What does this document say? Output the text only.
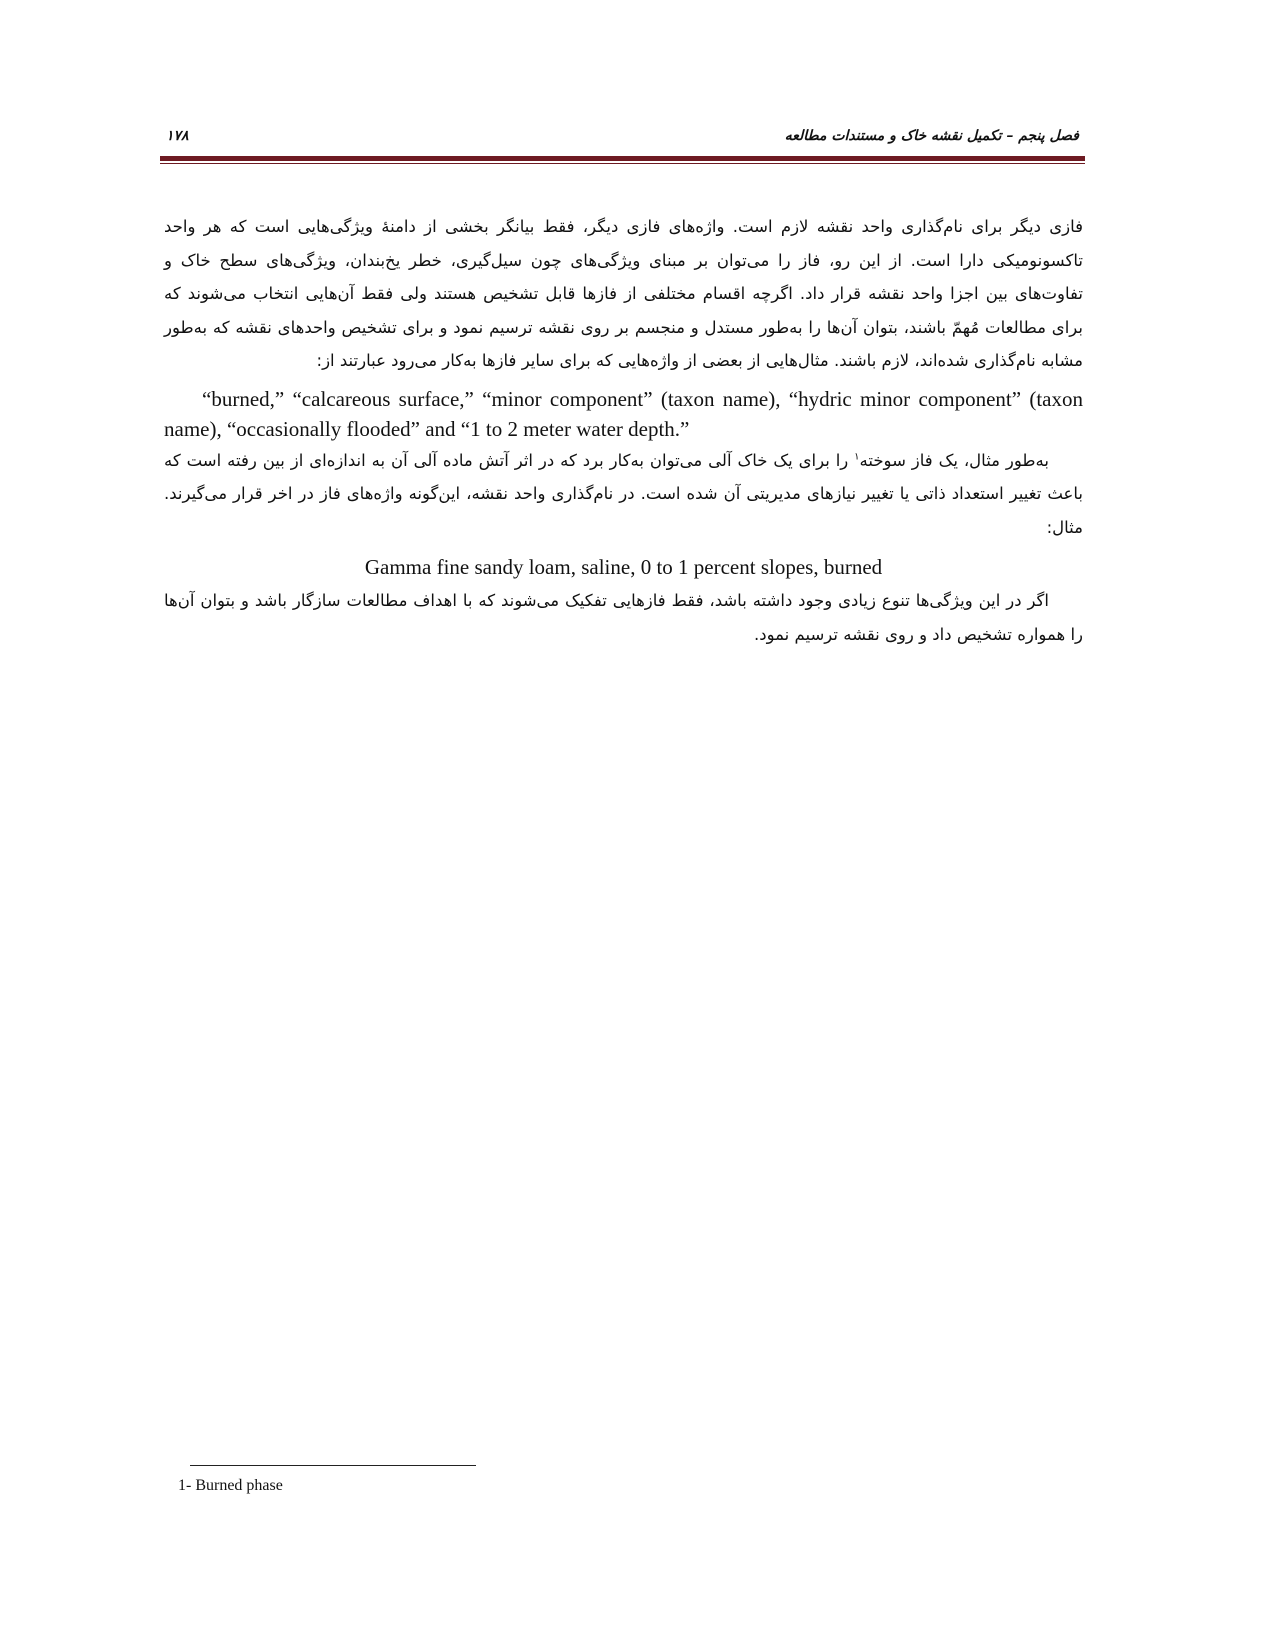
۱۷۸	فصل پنجم – تکمیل نقشه خاک و مستندات مطالعه

فازی دیگر برای نام‌گذاری واحد نقشه لازم است. واژه‌های فازی دیگر، فقط بیانگر بخشی از دامنهٔ ویژگی‌هایی است که هر واحد تاکسونومیکی دارا است. از این رو، فاز را می‌توان بر مبنای ویژگی‌های چون سیل‌گیری، خطر یخ‌بندان، ویژگی‌های سطح خاک و تفاوت‌های بین اجزا واحد نقشه قرار داد. اگرچه اقسام مختلفی از فازها قابل تشخیص هستند ولی فقط آن‌هایی انتخاب می‌شوند که برای مطالعات مُهمّ باشند، بتوان آن‌ها را به‌طور مستدل و منجسم بر روی نقشه ترسیم نمود و برای تشخیص واحدهای نقشه که به‌طور مشابه نام‌گذاری شده‌اند، لازم باشند. مثال‌هایی از بعضی از واژه‌هایی که برای سایر فازها به‌کار می‌رود عبارتند از:

“burned,” “calcareous surface,” “minor component” (taxon name), “hydric minor component” (taxon name), “occasionally flooded” and “1 to 2 meter water depth.”

به‌طور مثال، یک فاز سوخته$^۱$ را برای یک خاک آلی می‌توان به‌کار برد که در اثر آتش ماده آلی آن به اندازه‌ای از بین رفته است که باعث تغییر استعداد ذاتی یا تغییر نیازهای مدیریتی آن شده است. در نام‌گذاری واحد نقشه، این‌گونه واژه‌های فاز در اخر قرار می‌گیرند. مثال:

Gamma fine sandy loam, saline, 0 to 1 percent slopes, burned

اگر در این ویژگی‌ها تنوع زیادی وجود داشته باشد، فقط فازهایی تفکیک می‌شوند که با اهداف مطالعات سازگار باشد و بتوان آن‌ها را همواره تشخیص داد و روی نقشه ترسیم نمود.

1- Burned phase
